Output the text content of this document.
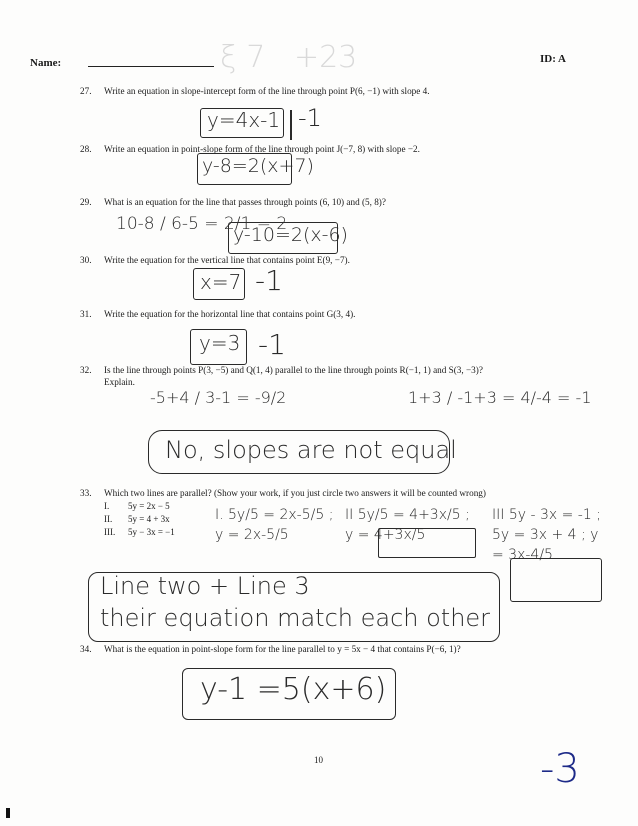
ξ 7   +23
Name:	ID: A
27. Write an equation in slope-intercept form of the line through point P(6, −1) with slope 4.
y=4x-1 -1
28. Write an equation in point-slope form of the line through point J(−7, 8) with slope −2.
y-8=2(x+7)
29. What is an equation for the line that passes through points (6, 10) and (5, 8)?
10-8 / 6-5 = 2/1 = 2
y-10=2(x-6)
30. Write the equation for the vertical line that contains point E(9, −7).
x=7 -1
31. Write the equation for the horizontal line that contains point G(3, 4).
y=3 -1
32. Is the line through points P(3, −5) and Q(1, 4) parallel to the line through points R(−1, 1) and S(3, −3)?
Explain.
-5+4 / 3-1 = -9/2	1+3 / -1+3 = 4/-4 = -1
No, slopes are not equal
33. Which two lines are parallel? (Show your work, if you just circle two answers it will be counted wrong)
I. 5y = 2x − 5
II. 5y = 4 + 3x
III. 5y − 3x = −1
I. 5y/5 = 2x-5/5 ; y = 2x-5/5
II 5y/5 = 4+3x/5 ; y = 4+3x/5
III 5y - 3x = -1 ; 5y = 3x + 4 ; y = 3x-4/5
Line two + Line 3
their equation match each other
34. What is the equation in point-slope form for the line parallel to y = 5x − 4 that contains P(−6, 1)?
y-1 =5(x+6)
10	-3
